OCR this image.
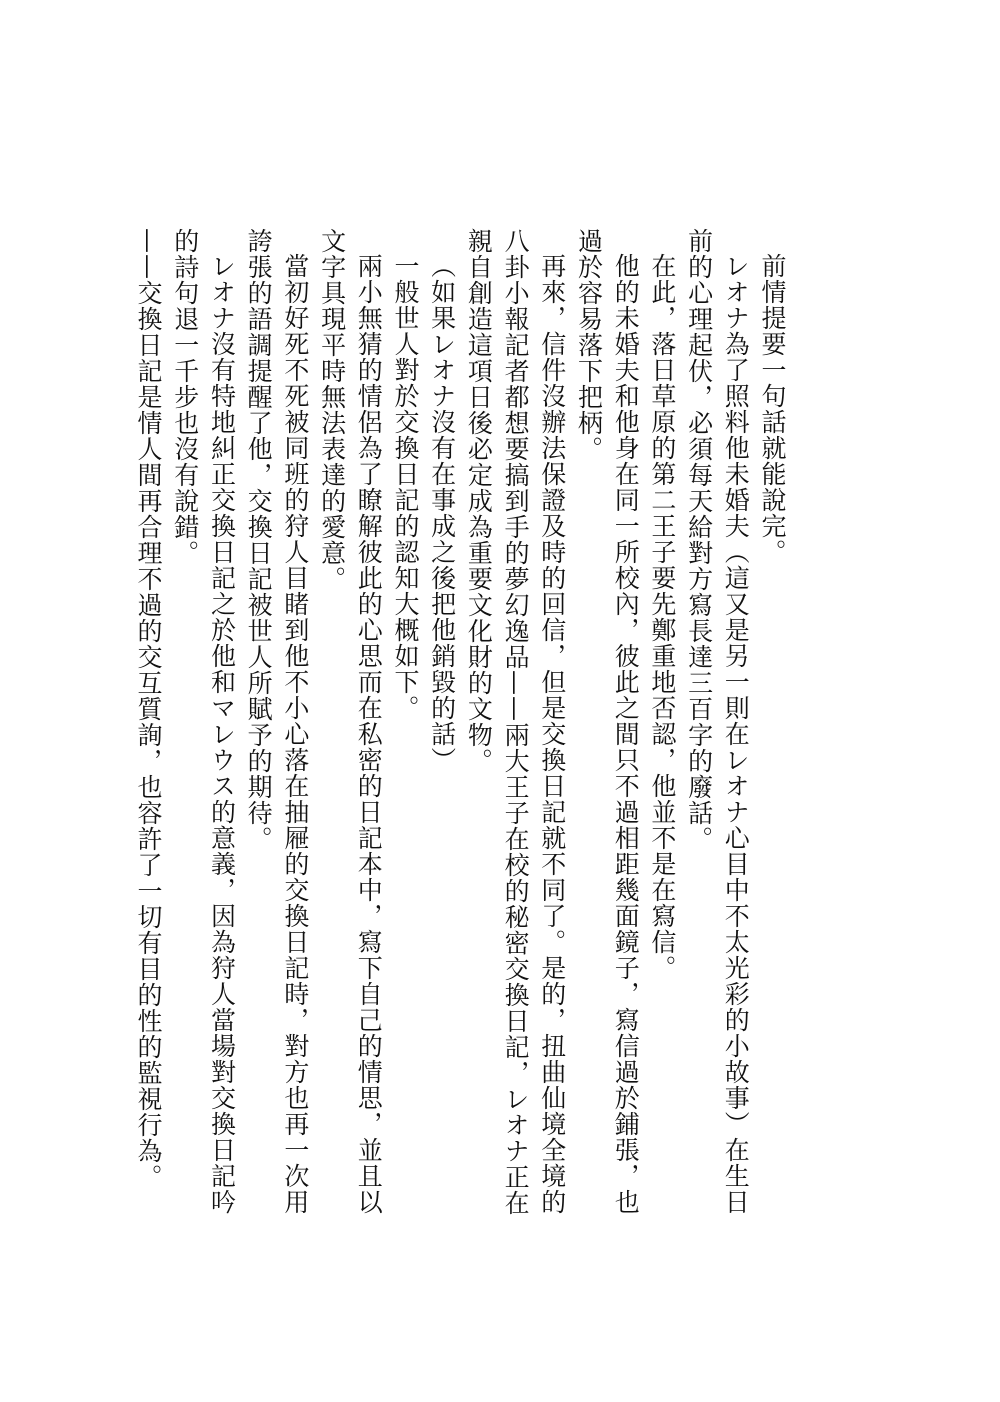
前情提要一句話就能說完。

レオナ為了照料他未婚夫（這又是另一則在レオナ心目中不太光彩的小故事）在生日前的心理起伏，必須每天給對方寫長達三百字的廢話。

在此，落日草原的第二王子要先鄭重地否認，他並不是在寫信。

他的未婚夫和他身在同一所校內，彼此之間只不過相距幾面鏡子，寫信過於鋪張，也過於容易落下把柄。

再來，信件沒辦法保證及時的回信，但是交換日記就不同了。是的，扭曲仙境全境的八卦小報記者都想要搞到手的夢幻逸品——兩大王子在校的秘密交換日記，レオナ正在親自創造這項日後必定成為重要文化財的文物。

（如果レオナ沒有在事成之後把他銷毀的話）

一般世人對於交換日記的認知大概如下。

兩小無猜的情侶為了瞭解彼此的心思而在私密的日記本中，寫下自己的情思，並且以文字具現平時無法表達的愛意。

當初好死不死被同班的狩人目睹到他不小心落在抽屜的交換日記時，對方也再一次用誇張的語調提醒了他，交換日記被世人所賦予的期待。

レオナ沒有特地糾正交換日記之於他和マレウス的意義，因為狩人當場對交換日記吟的詩句退一千步也沒有說錯。

——交換日記是情人間再合理不過的交互質詢，也容許了一切有目的性的監視行為。
